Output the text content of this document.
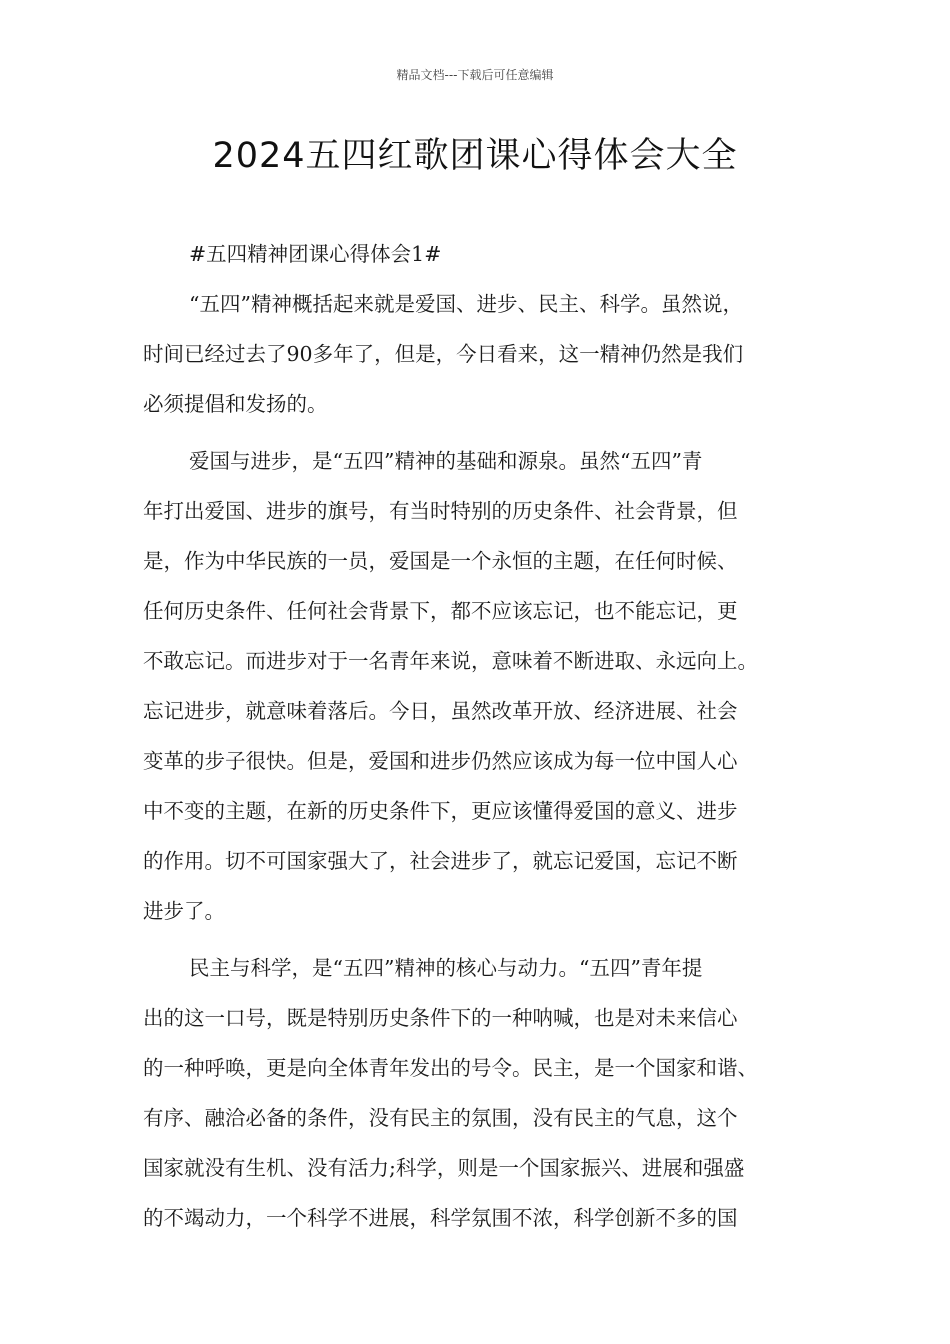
精品文档---下载后可任意编辑
2024五四红歌团课心得体会大全
#五四精神团课心得体会1#
“五四”精神概括起来就是爱国、进步、民主、科学。虽然说，
时间已经过去了90多年了，但是，今日看来，这一精神仍然是我们
必须提倡和发扬的。
爱国与进步，是“五四”精神的基础和源泉。虽然“五四”青
年打出爱国、进步的旗号，有当时特别的历史条件、社会背景，但
是，作为中华民族的一员，爱国是一个永恒的主题，在任何时候、
任何历史条件、任何社会背景下，都不应该忘记，也不能忘记，更
不敢忘记。而进步对于一名青年来说，意味着不断进取、永远向上。
忘记进步，就意味着落后。今日，虽然改革开放、经济进展、社会
变革的步子很快。但是，爱国和进步仍然应该成为每一位中国人心
中不变的主题，在新的历史条件下，更应该懂得爱国的意义、进步
的作用。切不可国家强大了，社会进步了，就忘记爱国，忘记不断
进步了。
民主与科学，是“五四”精神的核心与动力。“五四”青年提
出的这一口号，既是特别历史条件下的一种呐喊，也是对未来信心
的一种呼唤，更是向全体青年发出的号令。民主，是一个国家和谐、
有序、融洽必备的条件，没有民主的氛围，没有民主的气息，这个
国家就没有生机、没有活力;科学，则是一个国家振兴、进展和强盛
的不竭动力，一个科学不进展，科学氛围不浓，科学创新不多的国
